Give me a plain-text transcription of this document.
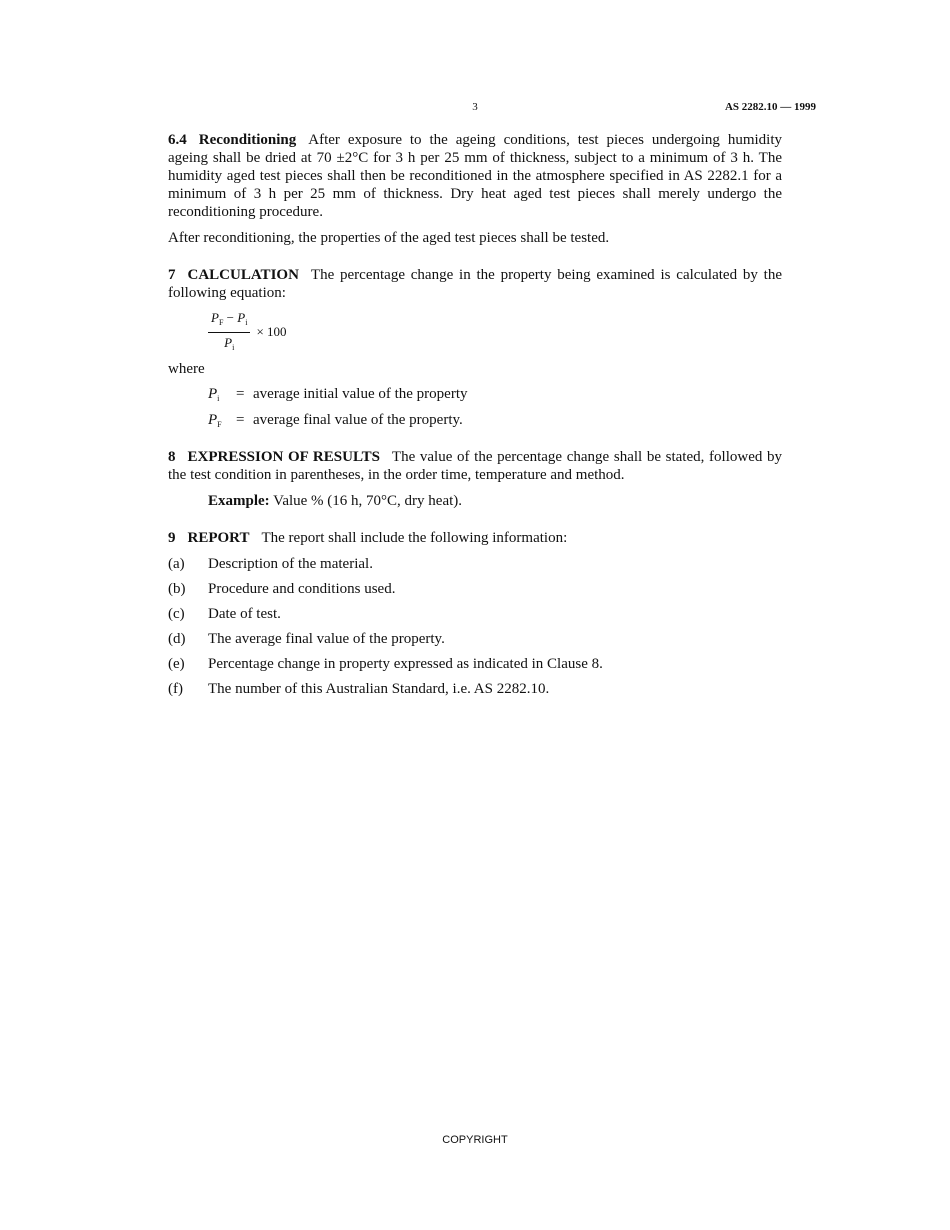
3	AS 2282.10 — 1999

6.4 Reconditioning After exposure to the ageing conditions, test pieces undergoing humidity ageing shall be dried at 70 ±2°C for 3 h per 25 mm of thickness, subject to a minimum of 3 h. The humidity aged test pieces shall then be reconditioned in the atmosphere specified in AS 2282.1 for a minimum of 3 h per 25 mm of thickness. Dry heat aged test pieces shall merely undergo the reconditioning procedure.

After reconditioning, the properties of the aged test pieces shall be tested.

7 CALCULATION The percentage change in the property being examined is calculated by the following equation:

$\frac{P_F - P_i}{P_i} \times 100$

where

$P_i$	= average initial value of the property
$P_F$ = average final value of the property.

8 EXPRESSION OF RESULTS The value of the percentage change shall be stated, followed by the test condition in parentheses, in the order time, temperature and method.

Example: Value % (16 h, 70°C, dry heat).

9 REPORT The report shall include the following information:

(a)	Description of the material.
(b)	Procedure and conditions used.
(c)	Date of test.
(d)	The average final value of the property.
(e)	Percentage change in property expressed as indicated in Clause 8.
(f)	The number of this Australian Standard, i.e. AS 2282.10.
COPYRIGHT
